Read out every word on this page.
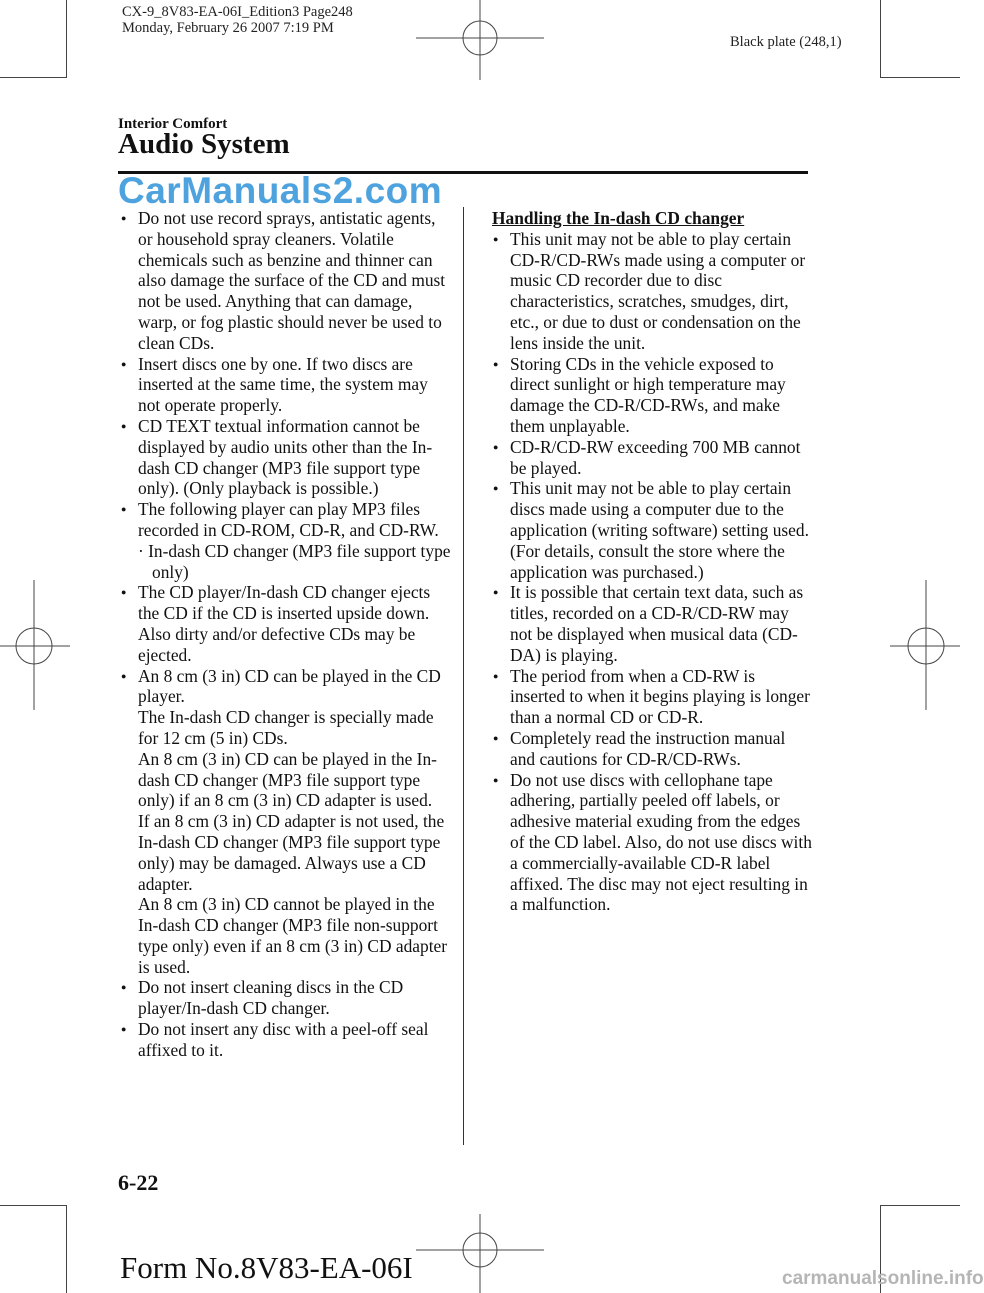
CX-9_8V83-EA-06I_Edition3 Page248
Monday, February 26 2007 7:19 PM
Black plate (248,1)
Interior Comfort
Audio System
CarManuals2.com
● Do not use record sprays, antistatic agents, or household spray cleaners. Volatile chemicals such as benzine and thinner can also damage the surface of the CD and must not be used. Anything that can damage, warp, or fog plastic should never be used to clean CDs.
● Insert discs one by one. If two discs are inserted at the same time, the system may not operate properly.
● CD TEXT textual information cannot be displayed by audio units other than the In-dash CD changer (MP3 file support type only). (Only playback is possible.)
● The following player can play MP3 files recorded in CD-ROM, CD-R, and CD-RW.
· In-dash CD changer (MP3 file support type only)
● The CD player/In-dash CD changer ejects the CD if the CD is inserted upside down. Also dirty and/or defective CDs may be ejected.
● An 8 cm (3 in) CD can be played in the CD player.
The In-dash CD changer is specially made for 12 cm (5 in) CDs.
An 8 cm (3 in) CD can be played in the In-dash CD changer (MP3 file support type only) if an 8 cm (3 in) CD adapter is used.
If an 8 cm (3 in) CD adapter is not used, the In-dash CD changer (MP3 file support type only) may be damaged. Always use a CD adapter.
An 8 cm (3 in) CD cannot be played in the In-dash CD changer (MP3 file non-support type only) even if an 8 cm (3 in) CD adapter is used.
● Do not insert cleaning discs in the CD player/In-dash CD changer.
● Do not insert any disc with a peel-off seal affixed to it.
Handling the In-dash CD changer
● This unit may not be able to play certain CD-R/CD-RWs made using a computer or music CD recorder due to disc characteristics, scratches, smudges, dirt, etc., or due to dust or condensation on the lens inside the unit.
● Storing CDs in the vehicle exposed to direct sunlight or high temperature may damage the CD-R/CD-RWs, and make them unplayable.
● CD-R/CD-RW exceeding 700 MB cannot be played.
● This unit may not be able to play certain discs made using a computer due to the application (writing software) setting used. (For details, consult the store where the application was purchased.)
● It is possible that certain text data, such as titles, recorded on a CD-R/CD-RW may not be displayed when musical data (CD-DA) is playing.
● The period from when a CD-RW is inserted to when it begins playing is longer than a normal CD or CD-R.
● Completely read the instruction manual and cautions for CD-R/CD-RWs.
● Do not use discs with cellophane tape adhering, partially peeled off labels, or adhesive material exuding from the edges of the CD label. Also, do not use discs with a commercially-available CD-R label affixed. The disc may not eject resulting in a malfunction.
6-22
Form No.8V83-EA-06I	carmanualsonline.info
